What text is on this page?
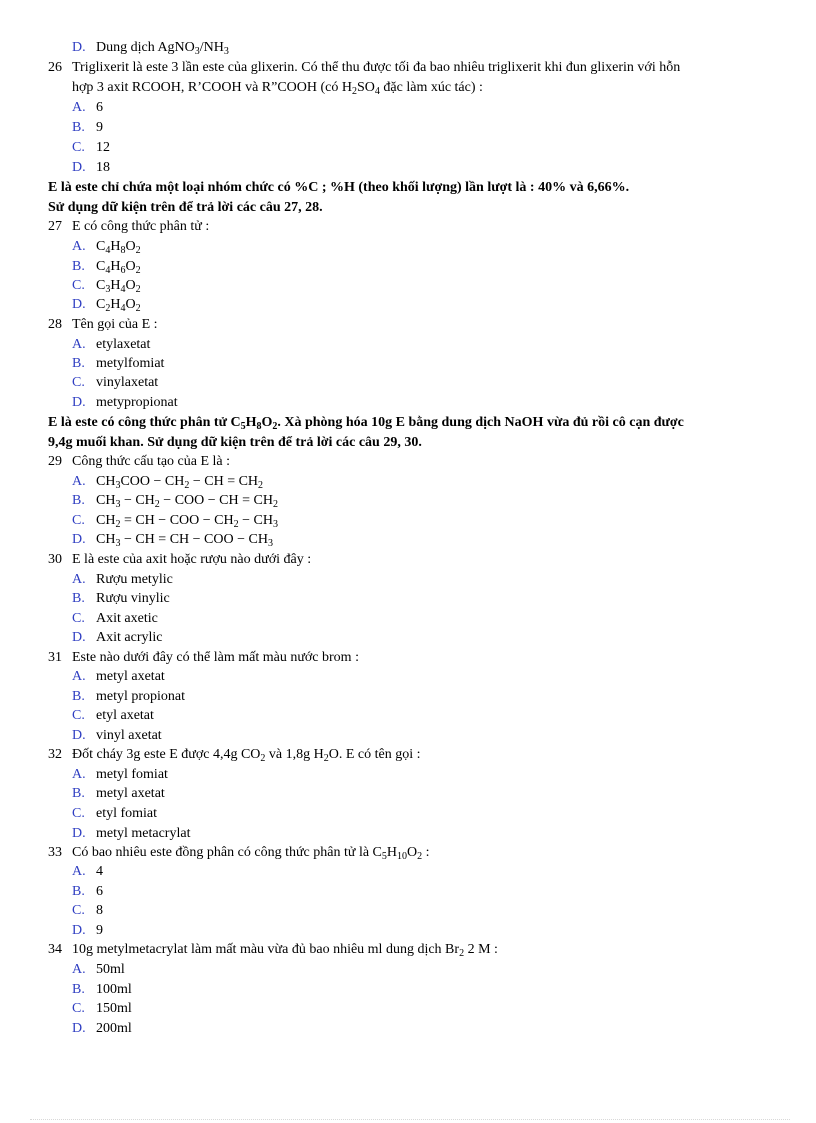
D. Dung dịch $AgNO_3/NH_3$
26 Triglixerit là este 3 lần este của glixerin. Có thể thu được tối đa bao nhiêu triglixerit khi đun glixerin với hỗn
hợp 3 axit RCOOH, R’COOH và R”COOH (có $H_2SO_4$ đặc làm xúc tác) :
A. 6
B. 9
C. 12
D. 18
E là este chỉ chứa một loại nhóm chức có %C ; %H (theo khối lượng) lần lượt là : 40% và 6,66%.
Sử dụng dữ kiện trên để trả lời các câu 27, 28.
27 E có công thức phân tử :
A. $C_4H_8O_2$
B. $C_4H_6O_2$
C. $C_3H_4O_2$
D. $C_2H_4O_2$
28 Tên gọi của E :
A. etylaxetat
B. metylfomiat
C. vinylaxetat
D. metypropionat
E là este có công thức phân tử $C_5H_8O_2$. Xà phòng hóa 10g E bằng dung dịch NaOH vừa đủ rồi cô cạn được
9,4g muối khan. Sử dụng dữ kiện trên để trả lời các câu 29, 30.
29 Công thức cấu tạo của E là :
A. $CH_3COO - CH_2$ − CH = $CH_2$
B. $CH_3 - CH_2$ − COO − CH = $CH_2$
C. $CH_2$ = CH − COO − $CH_2 - CH_3$
D. $CH_3$ − CH = CH − COO − $CH_3$
30 E là este của axit hoặc rượu nào dưới đây :
A. Rượu metylic
B. Rượu vinylic
C. Axit axetic
D. Axit acrylic
31 Este nào dưới đây có thể làm mất màu nước brom :
A. metyl axetat
B. metyl propionat
C. etyl axetat
D. vinyl axetat
32 Đốt cháy 3g este E được 4,4g $CO_2$ và 1,8g $H_2O$. E có tên gọi :
A. metyl fomiat
B. metyl axetat
C. etyl fomiat
D. metyl metacrylat
33 Có bao nhiêu este đồng phân có công thức phân tử là $C_5H_{10}O_2$ :
A. 4
B. 6
C. 8
D. 9
34 10g metylmetacrylat làm mất màu vừa đủ bao nhiêu ml dung dịch $Br_2$ 2 M :
A. 50ml
B. 100ml
C. 150ml
D. 200ml
